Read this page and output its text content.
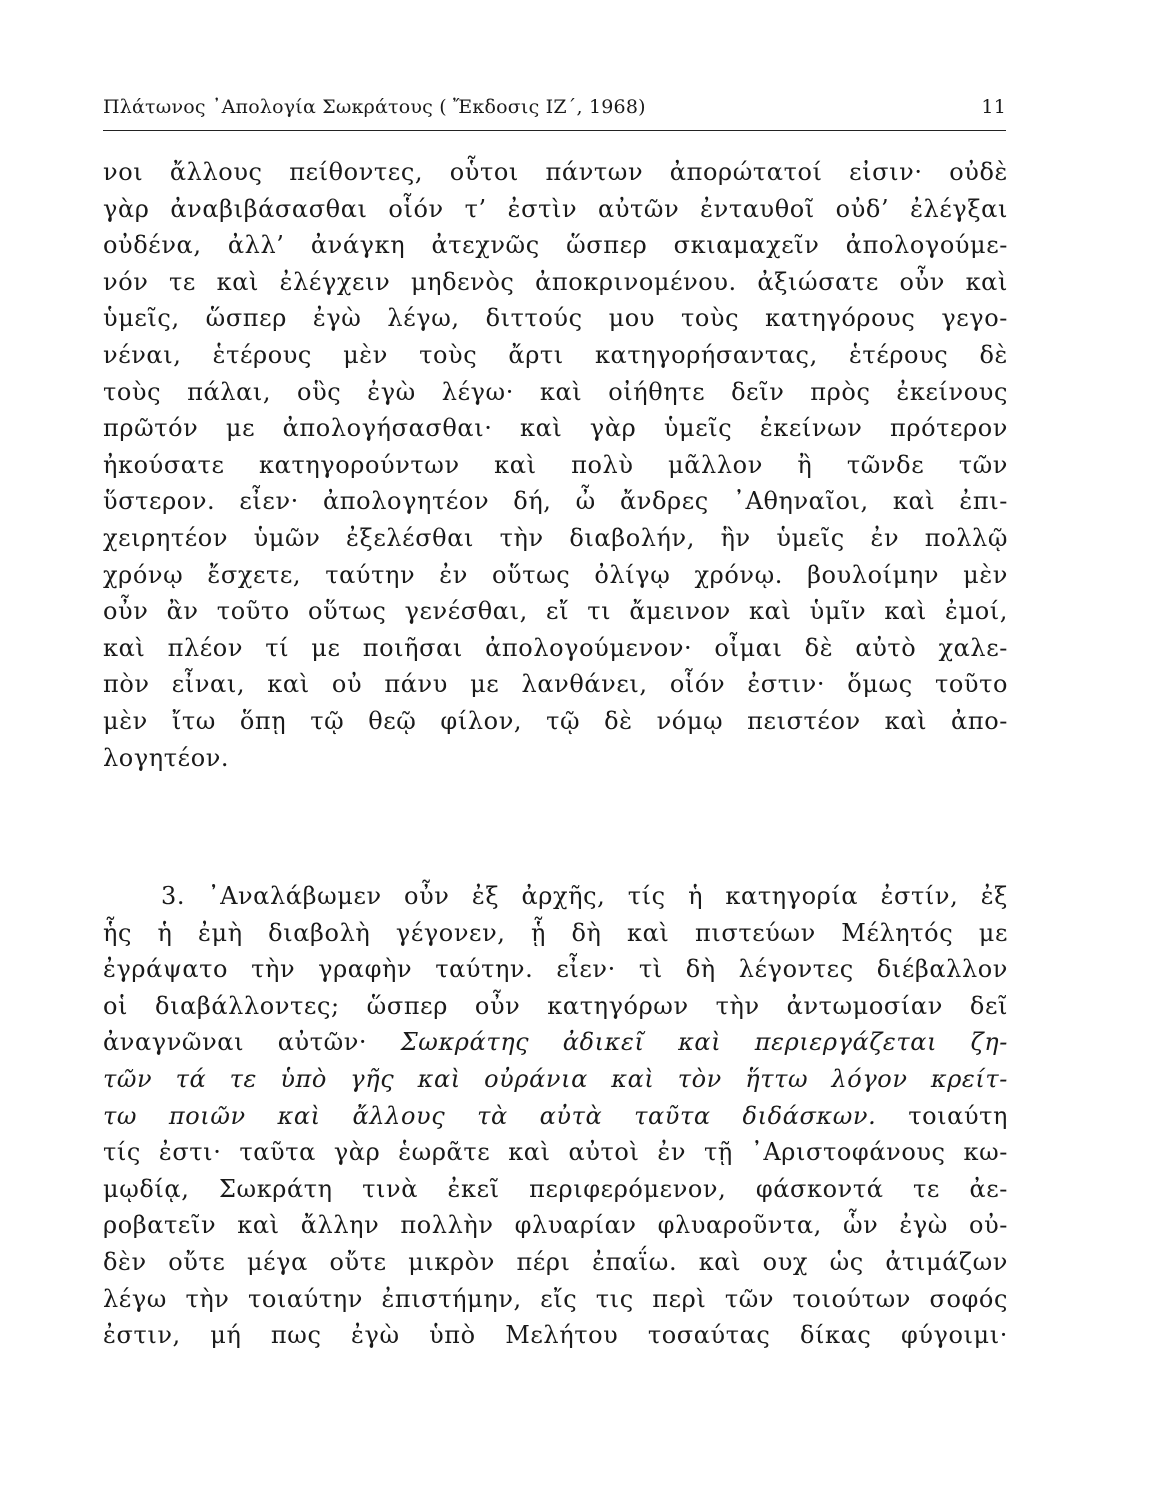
Πλάτωνος ᾿Απολογία Σωκράτους ( Ἔκδοσις ΙΖ΄, 1968)	11
νοι ἄλλους πείθοντες, οὗτοι πάντων ἀπορώτατοί εἰσιν· οὐδὲ
γὰρ ἀναβιβάσασθαι οἷόν τ’ ἐστὶν αὐτῶν ἐνταυθοῖ οὐδ’ ἐλέγξαι
οὐδένα, ἀλλ’ ἀνάγκη ἀτεχνῶς ὥσπερ σκιαμαχεῖν ἀπολογούμε-
νόν τε καὶ ἐλέγχειν μηδενὸς ἀποκρινομένου. ἀξιώσατε οὖν καὶ
ὑμεῖς, ὥσπερ ἐγὼ λέγω, διττούς μου τοὺς κατηγόρους γεγο-
νέναι, ἑτέρους μὲν τοὺς ἄρτι κατηγορήσαντας, ἑτέρους δὲ
τοὺς πάλαι, οὓς ἐγὼ λέγω· καὶ οἰήθητε δεῖν πρὸς ἐκείνους
πρῶτόν με ἀπολογήσασθαι· καὶ γὰρ ὑμεῖς ἐκείνων πρότερον
ἠκούσατε κατηγορούντων καὶ πολὺ μᾶλλον ἢ τῶνδε τῶν
ὕστερον. εἶεν· ἀπολογητέον δή, ὦ ἄνδρες ᾿Αθηναῖοι, καὶ ἐπι-
χειρητέον ὑμῶν ἐξελέσθαι τὴν διαβολήν, ἣν ὑμεῖς ἐν πολλῷ
χρόνῳ ἔσχετε, ταύτην ἐν οὕτως ὀλίγῳ χρόνῳ. βουλοίμην μὲν
οὖν ἂν τοῦτο οὕτως γενέσθαι, εἴ τι ἄμεινον καὶ ὑμῖν καὶ ἐμοί,
καὶ πλέον τί με ποιῆσαι ἀπολογούμενον· οἶμαι δὲ αὐτὸ χαλε-
πὸν εἶναι, καὶ οὐ πάνυ με λανθάνει, οἷόν ἐστιν· ὅμως τοῦτο
μὲν ἴτω ὅπῃ τῷ θεῷ φίλον, τῷ δὲ νόμῳ πειστέον καὶ ἀπο-
λογητέον.
3. ᾿Αναλάβωμεν οὖν ἐξ ἀρχῆς, τίς ἡ κατηγορία ἐστίν, ἐξ
ἧς ἡ ἐμὴ διαβολὴ γέγονεν, ᾗ δὴ καὶ πιστεύων Μέλητός με
ἐγράψατο τὴν γραφὴν ταύτην. εἶεν· τὶ δὴ λέγοντες διέβαλλον
οἱ διαβάλλοντες; ὥσπερ οὖν κατηγόρων τὴν ἀντωμοσίαν δεῖ
ἀναγνῶναι αὐτῶν· Σωκράτης ἀδικεῖ καὶ περιεργάζεται ζη-
τῶν τά τε ὑπὸ γῆς καὶ οὐράνια καὶ τὸν ἥττω λόγον κρείτ-
τω ποιῶν καὶ ἄλλους τὰ αὐτὰ ταῦτα διδάσκων. τοιαύτη
τίς ἐστι· ταῦτα γὰρ ἑωρᾶτε καὶ αὐτοὶ ἐν τῇ ᾿Αριστοφάνους κω-
μῳδίᾳ, Σωκράτη τινὰ ἐκεῖ περιφερόμενον, φάσκοντά τε ἀε-
ροβατεῖν καὶ ἄλλην πολλὴν φλυαρίαν φλυαροῦντα, ὧν ἐγὼ οὐ-
δὲν οὔτε μέγα οὔτε μικρὸν πέρι ἐπαΐω. καὶ ουχ ὡς ἀτιμάζων
λέγω τὴν τοιαύτην ἐπιστήμην, εἴς τις περὶ τῶν τοιούτων σοφός
ἐστιν, μή πως ἐγὼ ὑπὸ Μελήτου τοσαύτας δίκας φύγοιμι·
